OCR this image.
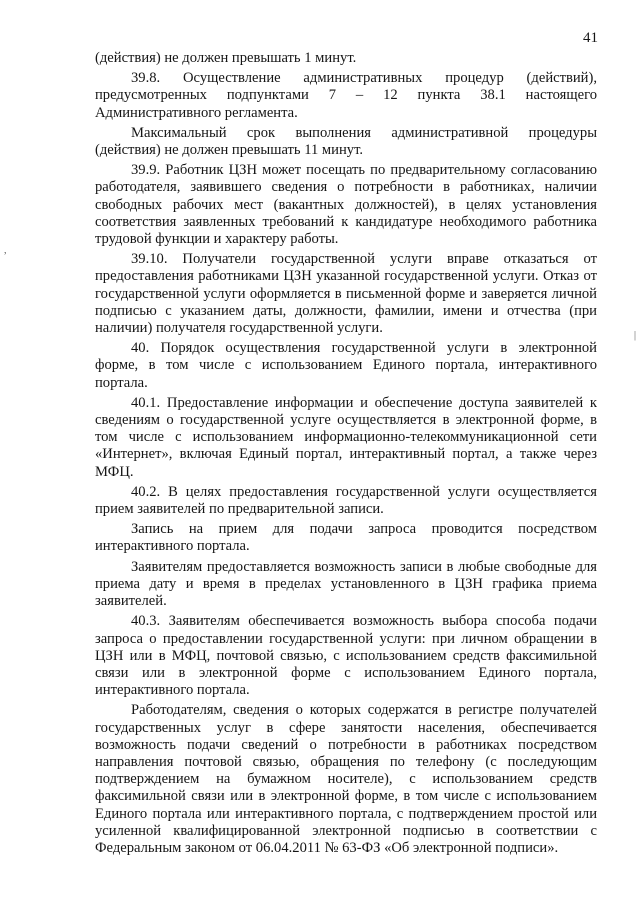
41
,
|

(действия) не должен превышать 1 минут.

39.8. Осуществление административных процедур (действий), предусмотренных подпунктами 7 – 12 пункта 38.1 настоящего Административного регламента.

Максимальный срок выполнения административной процедуры (действия) не должен превышать 11 минут.

39.9. Работник ЦЗН может посещать по предварительному согласованию работодателя, заявившего сведения о потребности в работниках, наличии свободных рабочих мест (вакантных должностей), в целях установления соответствия заявленных требований к кандидатуре необходимого работника трудовой функции и характеру работы.

39.10. Получатели государственной услуги вправе отказаться от предоставления работниками ЦЗН указанной государственной услуги. Отказ от государственной услуги оформляется в письменной форме и заверяется личной подписью с указанием даты, должности, фамилии, имени и отчества (при наличии) получателя государственной услуги.

40. Порядок осуществления государственной услуги в электронной форме, в том числе с использованием Единого портала, интерактивного портала.

40.1. Предоставление информации и обеспечение доступа заявителей к сведениям о государственной услуге осуществляется в электронной форме, в том числе с использованием информационно-телекоммуникационной сети «Интернет», включая Единый портал, интерактивный портал, а также через МФЦ.

40.2. В целях предоставления государственной услуги осуществляется прием заявителей по предварительной записи.

Запись на прием для подачи запроса проводится посредством интерактивного портала.

Заявителям предоставляется возможность записи в любые свободные для приема дату и время в пределах установленного в ЦЗН графика приема заявителей.

40.3. Заявителям обеспечивается возможность выбора способа подачи запроса о предоставлении государственной услуги: при личном обращении в ЦЗН или в МФЦ, почтовой связью, с использованием средств факсимильной связи или в электронной форме с использованием Единого портала, интерактивного портала.

Работодателям, сведения о которых содержатся в регистре получателей государственных услуг в сфере занятости населения, обеспечивается возможность подачи сведений о потребности в работниках посредством направления почтовой связью, обращения по телефону (с последующим подтверждением на бумажном носителе), с использованием средств факсимильной связи или в электронной форме, в том числе с использованием Единого портала или интерактивного портала, с подтверждением простой или усиленной квалифицированной электронной подписью в соответствии с Федеральным законом от 06.04.2011 № 63-ФЗ «Об электронной подписи».
